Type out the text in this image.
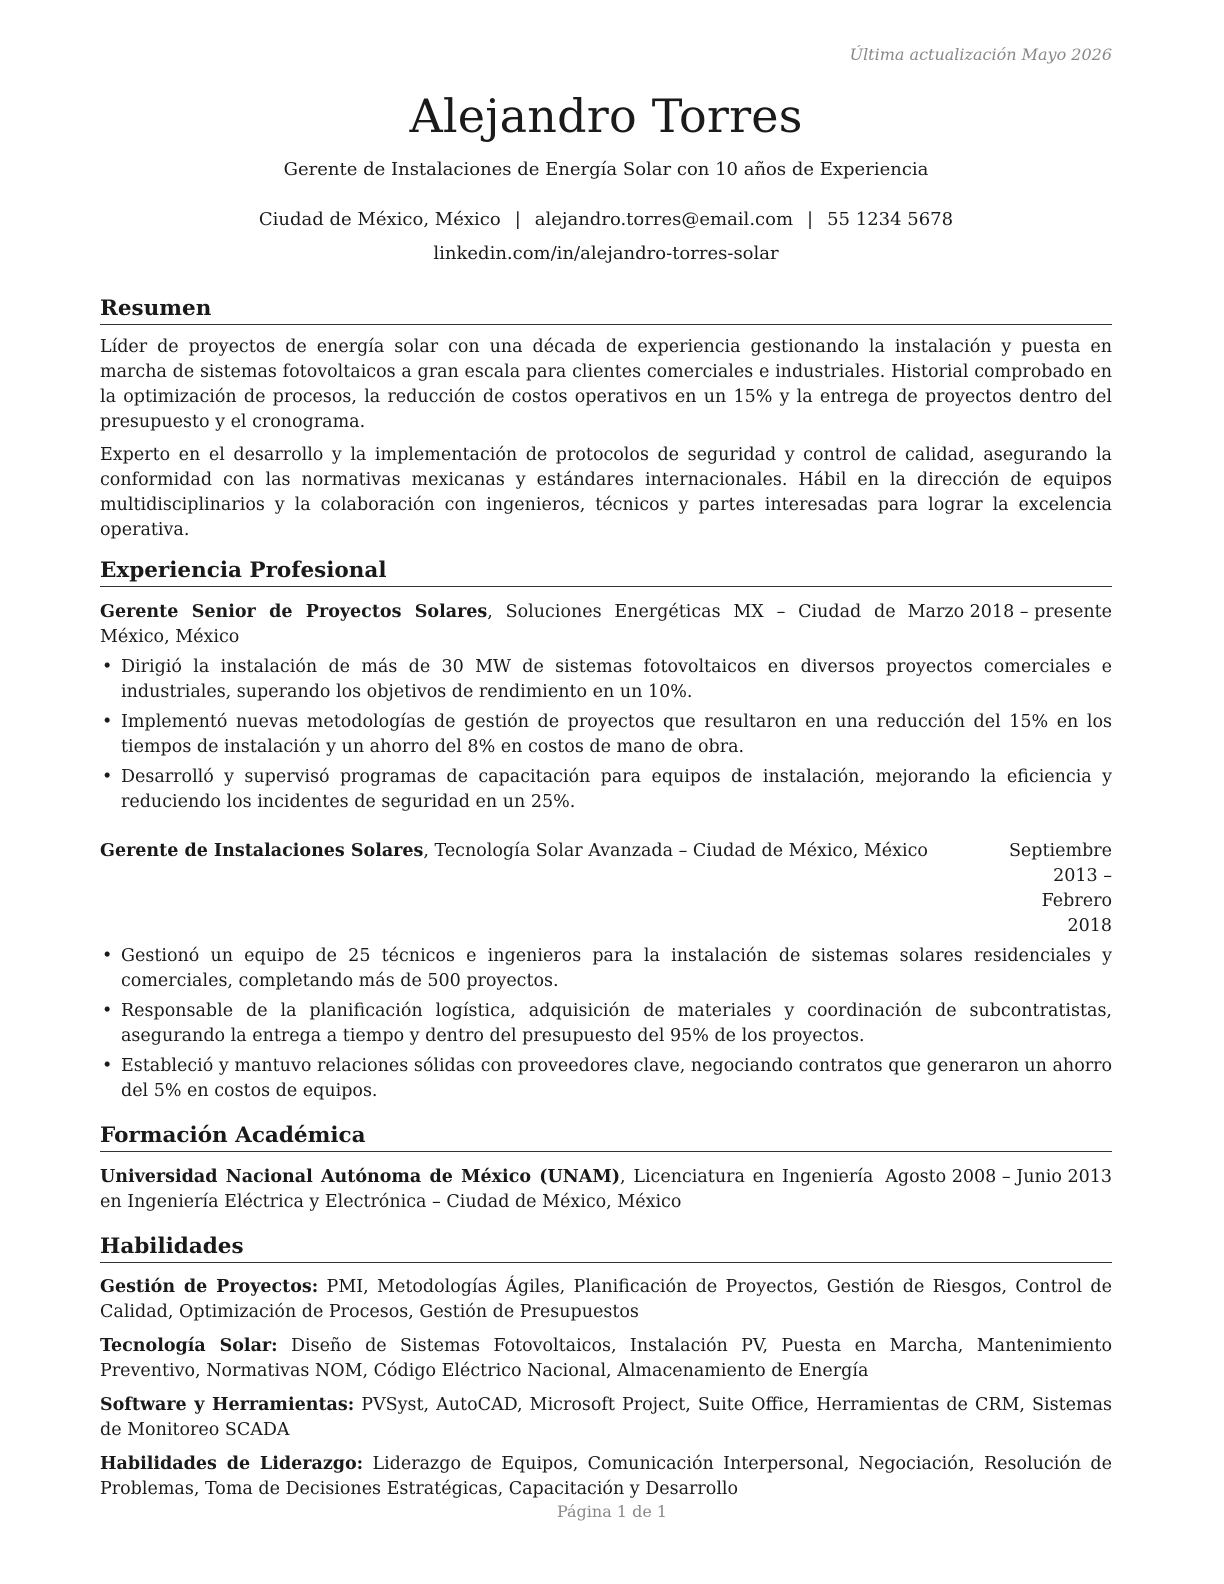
Última actualización Mayo 2026
Alejandro Torres
Gerente de Instalaciones de Energía Solar con 10 años de Experiencia
Ciudad de México, México | alejandro.torres@email.com | 55 1234 5678
linkedin.com/in/alejandro-torres-solar
Resumen

Líder de proyectos de energía solar con una década de experiencia gestionando la instalación y puesta en marcha de sistemas fotovoltaicos a gran escala para clientes comerciales e industriales. Historial comprobado en la optimización de procesos, la reducción de costos operativos en un 15% y la entrega de proyectos dentro del presupuesto y el cronograma.

Experto en el desarrollo y la implementación de protocolos de seguridad y control de calidad, asegurando la conformidad con las normativas mexicanas y estándares internacionales. Hábil en la dirección de equipos multidisciplinarios y la colaboración con ingenieros, técnicos y partes interesadas para lograr la excelencia operativa.

Experiencia Profesional
Gerente Senior de Proyectos Solares, Soluciones Energéticas MX – Ciudad de México, México
Marzo 2018 – presente
• Dirigió la instalación de más de 30 MW de sistemas fotovoltaicos en diversos proyectos comerciales e industriales, superando los objetivos de rendimiento en un 10%.
• Implementó nuevas metodologías de gestión de proyectos que resultaron en una reducción del 15% en los tiempos de instalación y un ahorro del 8% en costos de mano de obra.
• Desarrolló y supervisó programas de capacitación para equipos de instalación, mejorando la eficiencia y reduciendo los incidentes de seguridad en un 25%.
Gerente de Instalaciones Solares, Tecnología Solar Avanzada – Ciudad de México, México	Septiembre 2013 – Febrero 2018
• Gestionó un equipo de 25 técnicos e ingenieros para la instalación de sistemas solares residenciales y comerciales, completando más de 500 proyectos.
• Responsable de la planificación logística, adquisición de materiales y coordinación de subcontratistas, asegurando la entrega a tiempo y dentro del presupuesto del 95% de los proyectos.
• Estableció y mantuvo relaciones sólidas con proveedores clave, negociando contratos que generaron un ahorro del 5% en costos de equipos.
Formación Académica
Universidad Nacional Autónoma de México (UNAM), Licenciatura en Ingeniería en Ingeniería Eléctrica y Electrónica – Ciudad de México, México
Agosto 2008 – Junio 2013
Habilidades
Gestión de Proyectos: PMI, Metodologías Ágiles, Planificación de Proyectos, Gestión de Riesgos, Control de Calidad, Optimización de Procesos, Gestión de Presupuestos
Tecnología Solar: Diseño de Sistemas Fotovoltaicos, Instalación PV, Puesta en Marcha, Mantenimiento Preventivo, Normativas NOM, Código Eléctrico Nacional, Almacenamiento de Energía
Software y Herramientas: PVSyst, AutoCAD, Microsoft Project, Suite Office, Herramientas de CRM, Sistemas de Monitoreo SCADA
Habilidades de Liderazgo: Liderazgo de Equipos, Comunicación Interpersonal, Negociación, Resolución de Problemas, Toma de Decisiones Estratégicas, Capacitación y Desarrollo
Página 1 de 1
